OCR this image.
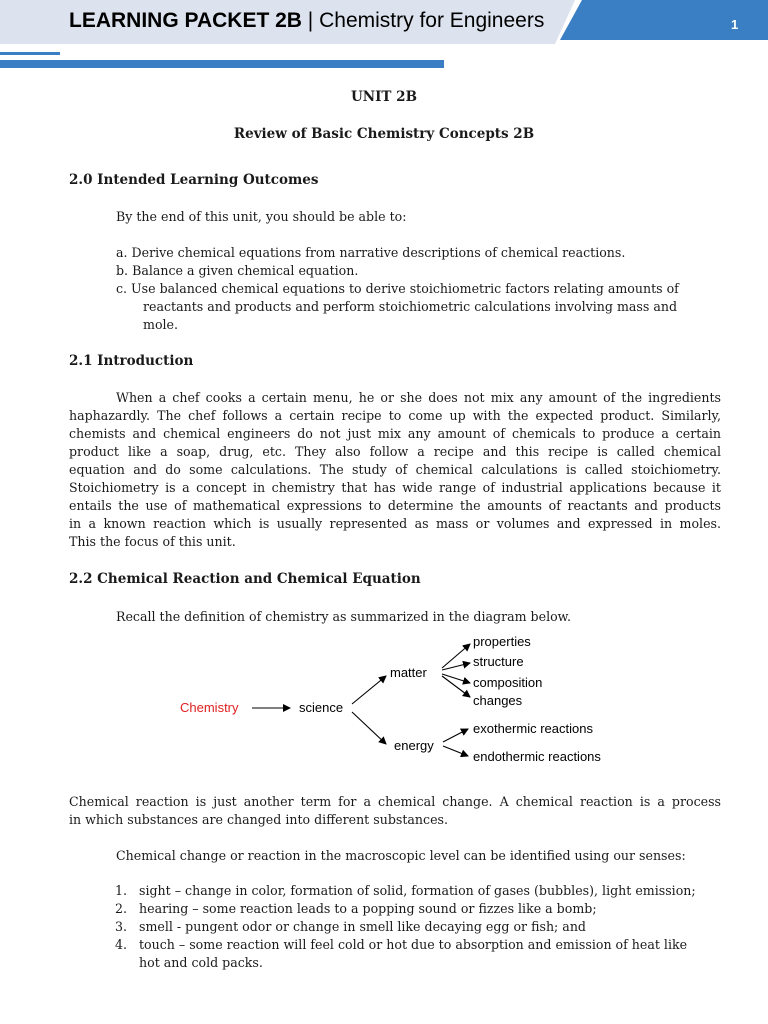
LEARNING PACKET 2B | Chemistry for Engineers	1
UNIT 2B
Review of Basic Chemistry Concepts 2B
2.0 Intended Learning Outcomes
By the end of this unit, you should be able to:
a. Derive chemical equations from narrative descriptions of chemical reactions.
b. Balance a given chemical equation.
c. Use balanced chemical equations to derive stoichiometric factors relating amounts of
reactants and products and perform stoichiometric calculations involving mass and
mole.
2.1 Introduction
When a chef cooks a certain menu, he or she does not mix any amount of the ingredients
haphazardly. The chef follows a certain recipe to come up with the expected product. Similarly,
chemists and chemical engineers do not just mix any amount of chemicals to produce a certain
product like a soap, drug, etc. They also follow a recipe and this recipe is called chemical
equation and do some calculations. The study of chemical calculations is called stoichiometry.
Stoichiometry is a concept in chemistry that has wide range of industrial applications because it
entails the use of mathematical expressions to determine the amounts of reactants and products
in a known reaction which is usually represented as mass or volumes and expressed in moles.
This the focus of this unit.
2.2 Chemical Reaction and Chemical Equation
Recall the definition of chemistry as summarized in the diagram below.
Chemistry	science
matter
energy
properties
structure
composition
changes
exothermic reactions
endothermic reactions
Chemical reaction is just another term for a chemical change. A chemical reaction is a process
in which substances are changed into different substances.
Chemical change or reaction in the macroscopic level can be identified using our senses:
1. sight – change in color, formation of solid, formation of gases (bubbles), light emission;
2. hearing – some reaction leads to a popping sound or fizzes like a bomb;
3. smell - pungent odor or change in smell like decaying egg or fish; and
4. touch – some reaction will feel cold or hot due to absorption and emission of heat like
hot and cold packs.
